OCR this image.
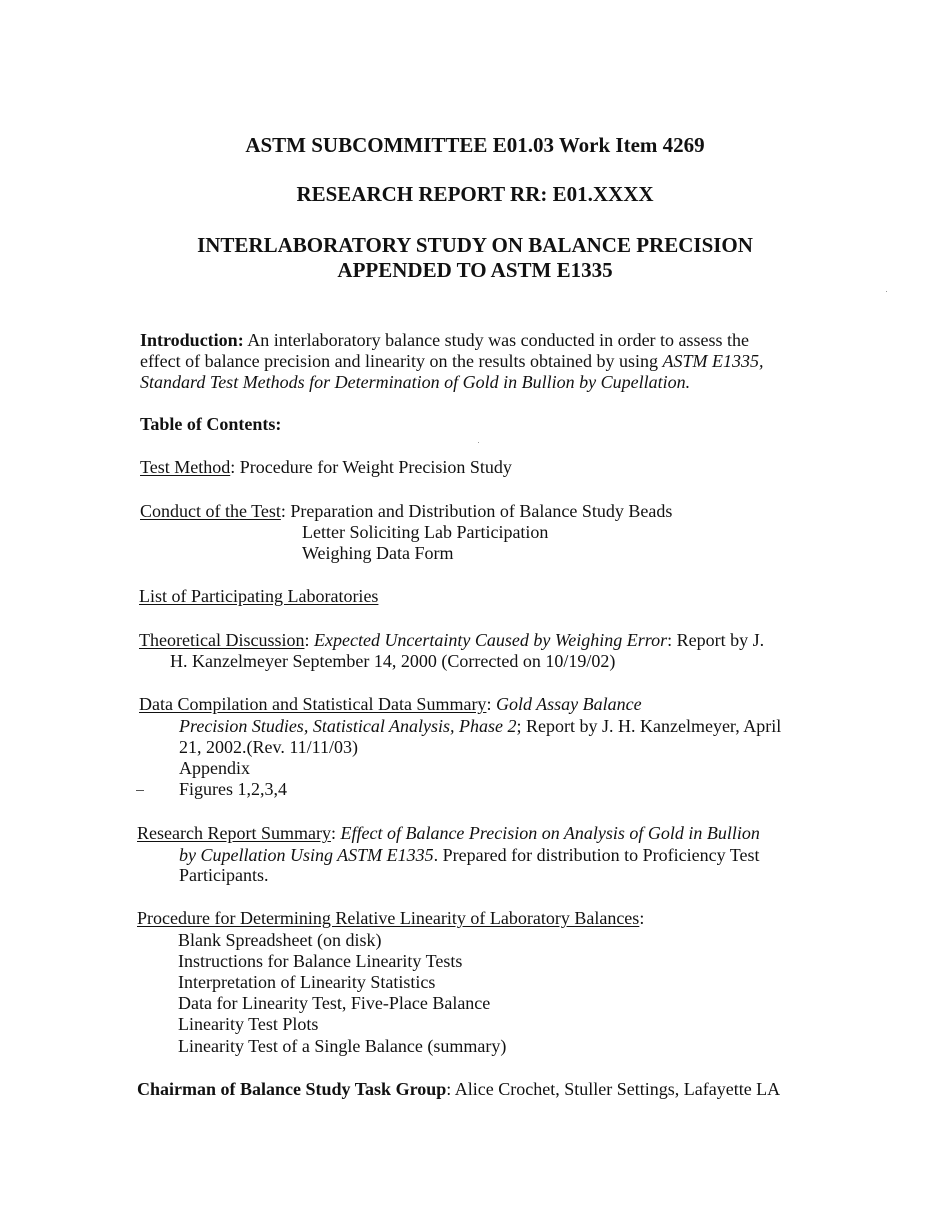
ASTM SUBCOMMITTEE E01.03 Work Item 4269
RESEARCH REPORT RR: E01.XXXX
INTERLABORATORY STUDY ON BALANCE PRECISION
APPENDED TO ASTM E1335
Introduction: An interlaboratory balance study was conducted in order to assess the
effect of balance precision and linearity on the results obtained by using ASTM E1335,
Standard Test Methods for Determination of Gold in Bullion by Cupellation.
Table of Contents:
Test Method: Procedure for Weight Precision Study
Conduct of the Test: Preparation and Distribution of Balance Study Beads
Letter Soliciting Lab Participation
Weighing Data Form
List of Participating Laboratories
Theoretical Discussion: Expected Uncertainty Caused by Weighing Error: Report by J.
H. Kanzelmeyer September 14, 2000 (Corrected on 10/19/02)
Data Compilation and Statistical Data Summary: Gold Assay Balance
Precision Studies, Statistical Analysis, Phase 2; Report by J. H. Kanzelmeyer, April
21, 2002.(Rev. 11/11/03)
Appendix
Figures 1,2,3,4
Research Report Summary: Effect of Balance Precision on Analysis of Gold in Bullion
by Cupellation Using ASTM E1335. Prepared for distribution to Proficiency Test
Participants.
Procedure for Determining Relative Linearity of Laboratory Balances:
Blank Spreadsheet (on disk)
Instructions for Balance Linearity Tests
Interpretation of Linearity Statistics
Data for Linearity Test, Five-Place Balance
Linearity Test Plots
Linearity Test of a Single Balance (summary)
Chairman of Balance Study Task Group: Alice Crochet, Stuller Settings, Lafayette LA
